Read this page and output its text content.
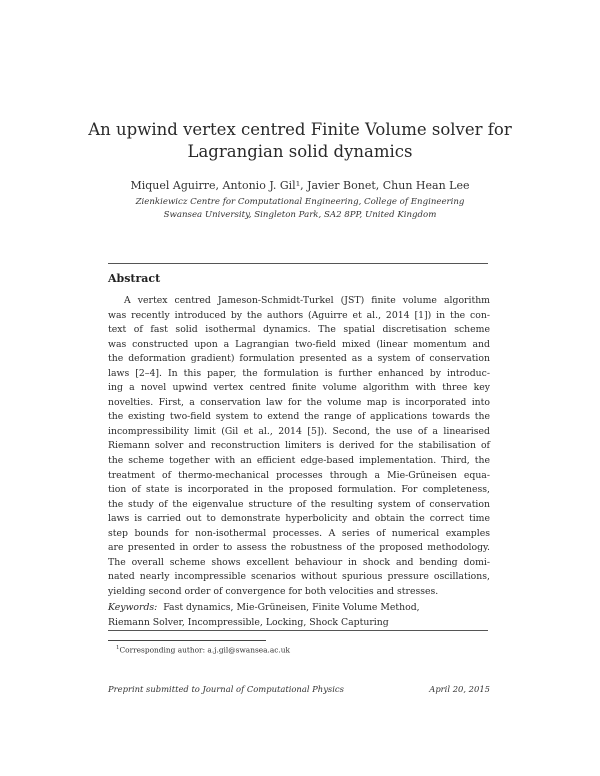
An upwind vertex centred Finite Volume solver for
Lagrangian solid dynamics
Miquel Aguirre, Antonio J. Gil¹, Javier Bonet, Chun Hean Lee
Zienkiewicz Centre for Computational Engineering, College of Engineering
Swansea University, Singleton Park, SA2 8PP, United Kingdom
Abstract
A vertex centred Jameson-Schmidt-Turkel (JST) finite volume algorithm
was recently introduced by the authors (Aguirre et al., 2014 [1]) in the con-
text of fast solid isothermal dynamics. The spatial discretisation scheme
was constructed upon a Lagrangian two-field mixed (linear momentum and
the deformation gradient) formulation presented as a system of conservation
laws [2–4]. In this paper, the formulation is further enhanced by introduc-
ing a novel upwind vertex centred finite volume algorithm with three key
novelties. First, a conservation law for the volume map is incorporated into
the existing two-field system to extend the range of applications towards the
incompressibility limit (Gil et al., 2014 [5]). Second, the use of a linearised
Riemann solver and reconstruction limiters is derived for the stabilisation of
the scheme together with an efficient edge-based implementation. Third, the
treatment of thermo-mechanical processes through a Mie-Grüneisen equa-
tion of state is incorporated in the proposed formulation. For completeness,
the study of the eigenvalue structure of the resulting system of conservation
laws is carried out to demonstrate hyperbolicity and obtain the correct time
step bounds for non-isothermal processes. A series of numerical examples
are presented in order to assess the robustness of the proposed methodology.
The overall scheme shows excellent behaviour in shock and bending domi-
nated nearly incompressible scenarios without spurious pressure oscillations,
yielding second order of convergence for both velocities and stresses.
Keywords: Fast dynamics, Mie-Grüneisen, Finite Volume Method,
Riemann Solver, Incompressible, Locking, Shock Capturing
$^1$Corresponding author: a.j.gil@swansea.ac.uk
Preprint submitted to Journal of Computational Physics	April 20, 2015
